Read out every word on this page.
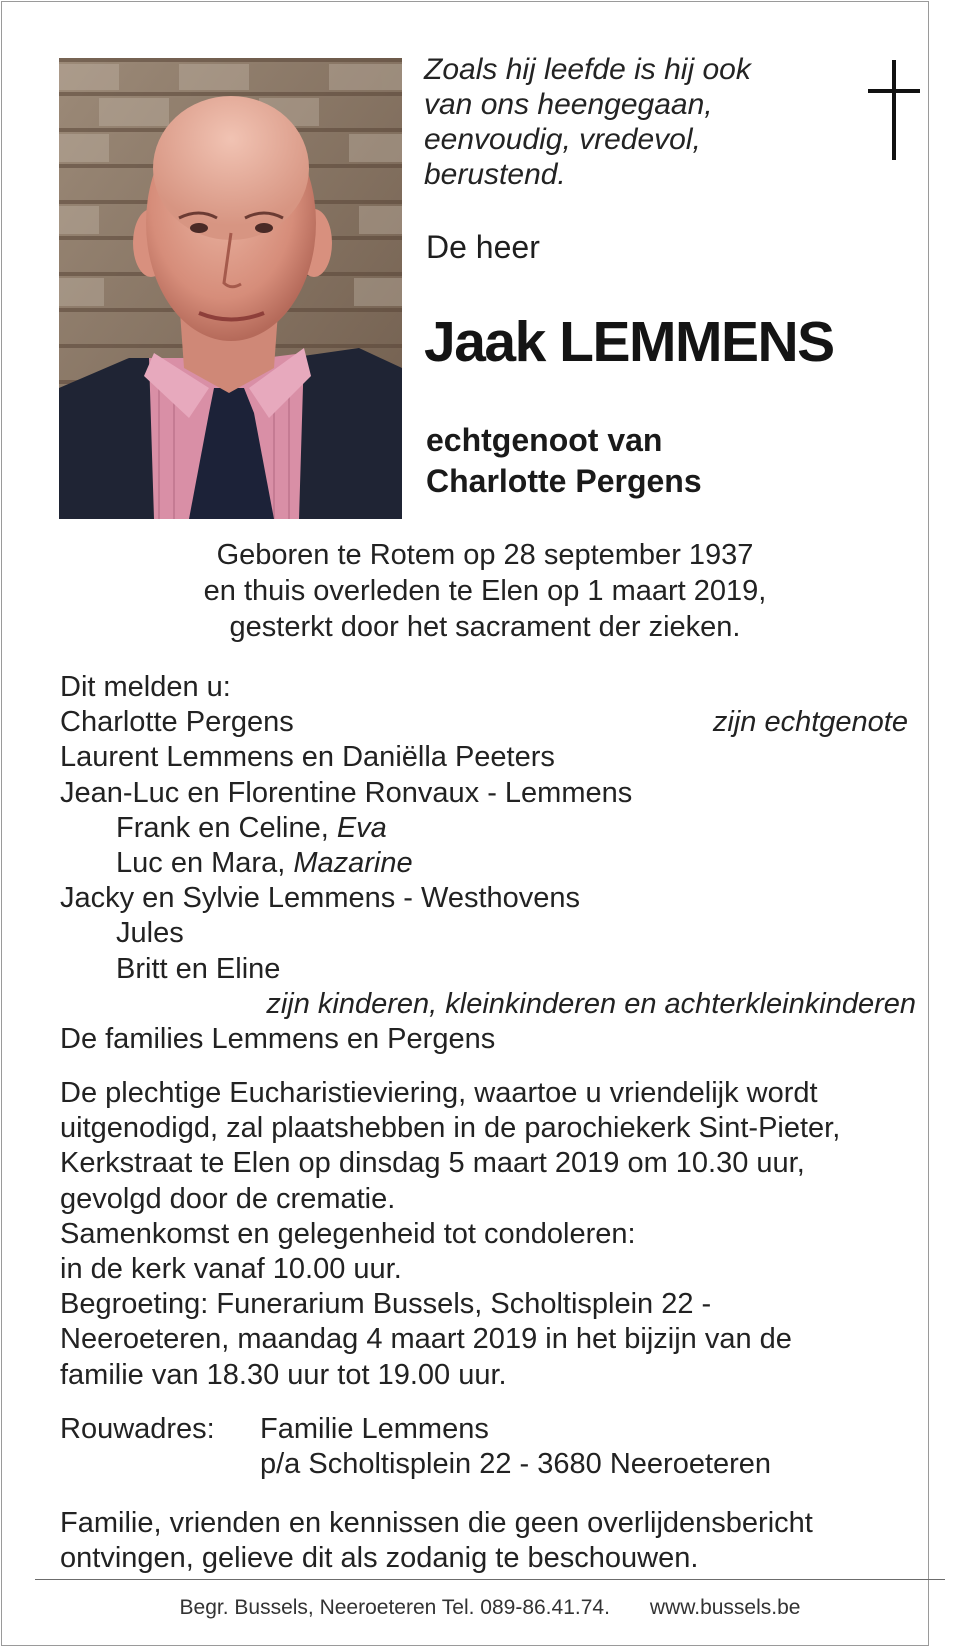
Zoals hij leefde is hij ook
van ons heengegaan,
eenvoudig, vredevol,
berustend.
De heer
Jaak LEMMENS
echtgenoot van
Charlotte Pergens
Geboren te Rotem op 28 september 1937
en thuis overleden te Elen op 1 maart 2019,
gesterkt door het sacrament der zieken.
Dit melden u:
Charlotte Pergens	zijn echtgenote
Laurent Lemmens en Daniëlla Peeters
Jean-Luc en Florentine Ronvaux - Lemmens
Frank en Celine, Eva
Luc en Mara, Mazarine
Jacky en Sylvie Lemmens - Westhovens
Jules
Britt en Eline
zijn kinderen, kleinkinderen en achterkleinkinderen
De families Lemmens en Pergens
De plechtige Eucharistieviering, waartoe u vriendelijk wordt
uitgenodigd, zal plaatshebben in de parochiekerk Sint-Pieter,
Kerkstraat te Elen op dinsdag 5 maart 2019 om 10.30 uur,
gevolgd door de crematie.
Samenkomst en gelegenheid tot condoleren:
in de kerk vanaf 10.00 uur.
Begroeting: Funerarium Bussels, Scholtisplein 22 -
Neeroeteren, maandag 4 maart 2019 in het bijzijn van de
familie van 18.30 uur tot 19.00 uur.
Rouwadres: Familie Lemmens
p/a Scholtisplein 22 - 3680 Neeroeteren
Familie, vrienden en kennissen die geen overlijdensbericht
ontvingen, gelieve dit als zodanig te beschouwen.
Begr. Bussels, Neeroeteren Tel. 089-86.41.74. www.bussels.be
